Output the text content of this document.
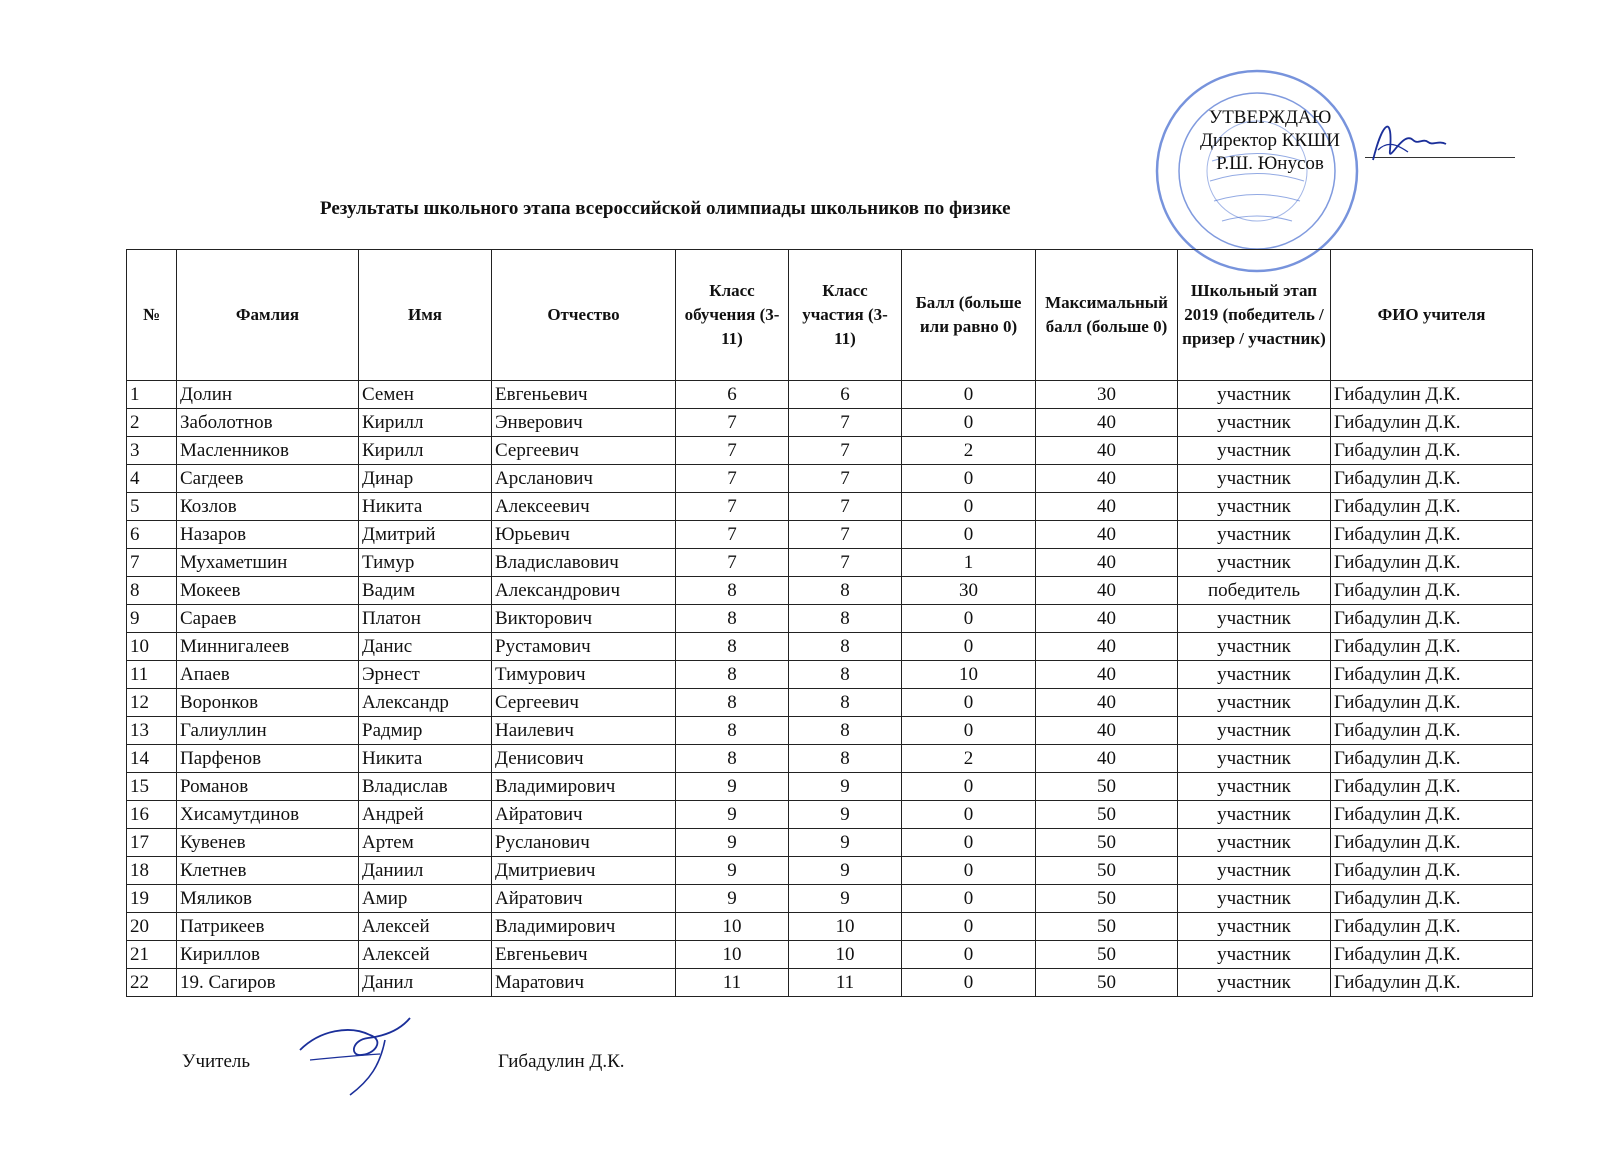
УТВЕРЖДАЮ
Директор ККШИ
Р.Ш. Юнусов
Результаты школьного этапа всероссийской олимпиады школьников по физике
№	Фамлия	Имя	Отчество	Класс обучения (3-11)	Класс участия (3-11)	Балл (больше или равно 0)	Максимальный балл (больше 0)	Школьный этап 2019 (победитель / призер / участник)	ФИО учителя
1	Долин	Семен	Евгеньевич	6	6	0	30	участник	Гибадулин Д.К.
2	Заболотнов	Кирилл	Энверович	7	7	0	40	участник	Гибадулин Д.К.
3	Масленников	Кирилл	Сергеевич	7	7	2	40	участник	Гибадулин Д.К.
4	Сагдеев	Динар	Арсланович	7	7	0	40	участник	Гибадулин Д.К.
5	Козлов	Никита	Алексеевич	7	7	0	40	участник	Гибадулин Д.К.
6	Назаров	Дмитрий	Юрьевич	7	7	0	40	участник	Гибадулин Д.К.
7	Мухаметшин	Тимур	Владиславович	7	7	1	40	участник	Гибадулин Д.К.
8	Мокеев	Вадим	Александрович	8	8	30	40	победитель	Гибадулин Д.К.
9	Сараев	Платон	Викторович	8	8	0	40	участник	Гибадулин Д.К.
10	Миннигалеев	Данис	Рустамович	8	8	0	40	участник	Гибадулин Д.К.
11	Апаев	Эрнест	Тимурович	8	8	10	40	участник	Гибадулин Д.К.
12	Воронков	Александр	Сергеевич	8	8	0	40	участник	Гибадулин Д.К.
13	Галиуллин	Радмир	Наилевич	8	8	0	40	участник	Гибадулин Д.К.
14	Парфенов	Никита	Денисович	8	8	2	40	участник	Гибадулин Д.К.
15	Романов	Владислав	Владимирович	9	9	0	50	участник	Гибадулин Д.К.
16	Хисамутдинов	Андрей	Айратович	9	9	0	50	участник	Гибадулин Д.К.
17	Кувенев	Артем	Русланович	9	9	0	50	участник	Гибадулин Д.К.
18	Клетнев	Даниил	Дмитриевич	9	9	0	50	участник	Гибадулин Д.К.
19	Мяликов	Амир	Айратович	9	9	0	50	участник	Гибадулин Д.К.
20	Патрикеев	Алексей	Владимирович	10	10	0	50	участник	Гибадулин Д.К.
21	Кириллов	Алексей	Евгеньевич	10	10	0	50	участник	Гибадулин Д.К.
22	19. Сагиров	Данил	Маратович	11	11	0	50	участник	Гибадулин Д.К.
Учитель	Гибадулин Д.К.
